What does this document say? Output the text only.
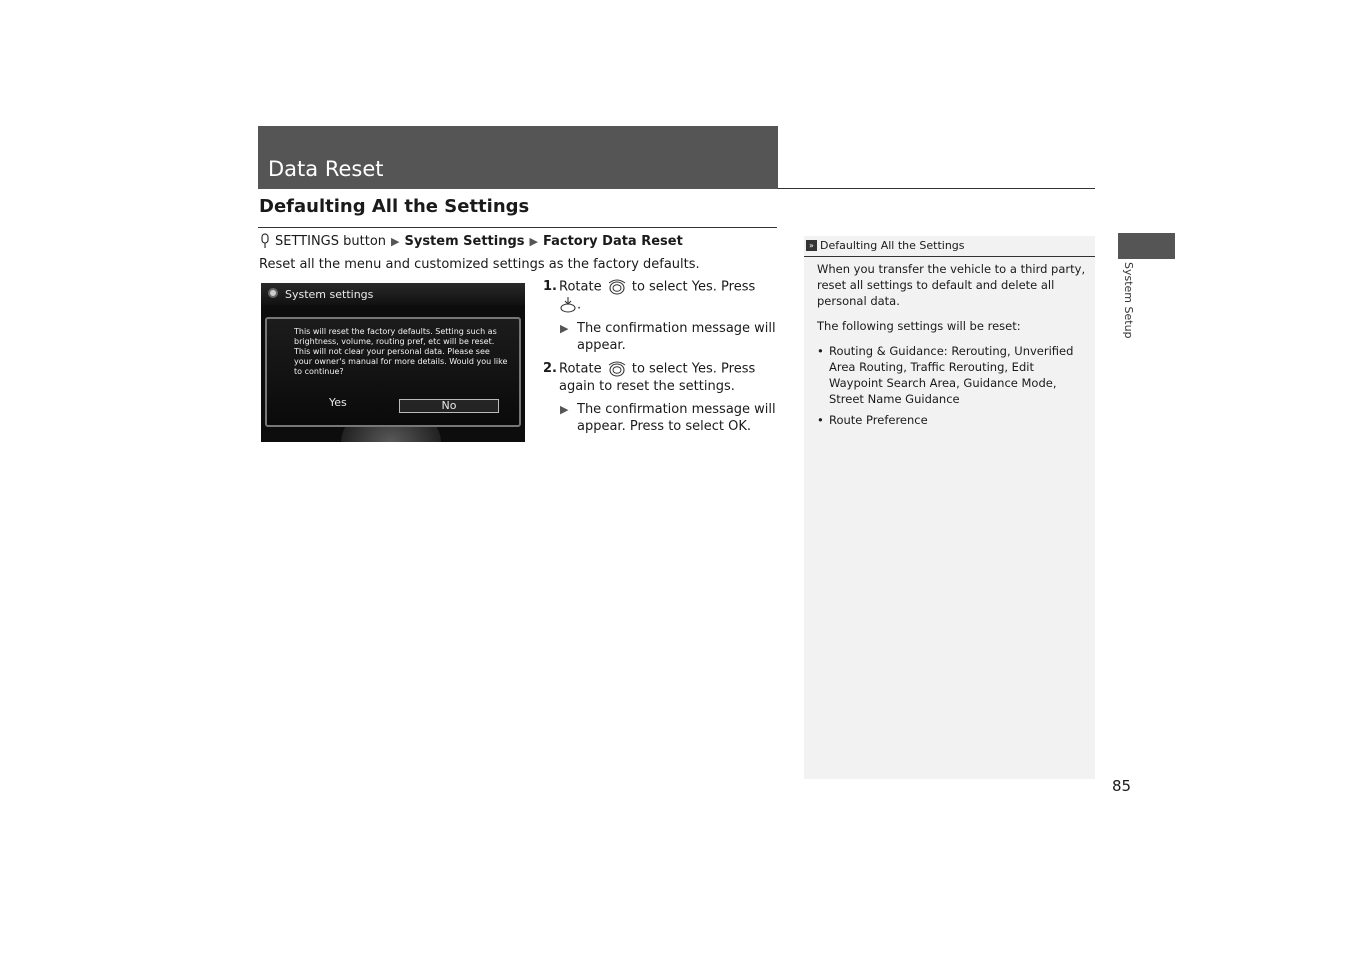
Data Reset
Defaulting All the Settings
SETTINGS button ▶ System Settings ▶ Factory Data Reset
Reset all the menu and customized settings as the factory defaults.
System settings
This will reset the factory defaults. Setting such as brightness, volume, routing pref, etc will be reset. This will not clear your personal data. Please see your owner's manual for more details. Would you like to continue?
Yes	No
1. Rotate to select Yes. Press .
▶ The confirmation message will appear.
2. Rotate to select Yes. Press again to reset the settings.
▶ The confirmation message will appear. Press to select OK.
» Defaulting All the Settings

When you transfer the vehicle to a third party, reset all settings to default and delete all personal data.

The following settings will be reset:

• Routing & Guidance: Rerouting, Unverified Area Routing, Traffic Rerouting, Edit Waypoint Search Area, Guidance Mode, Street Name Guidance
• Route Preference
System Setup
85
